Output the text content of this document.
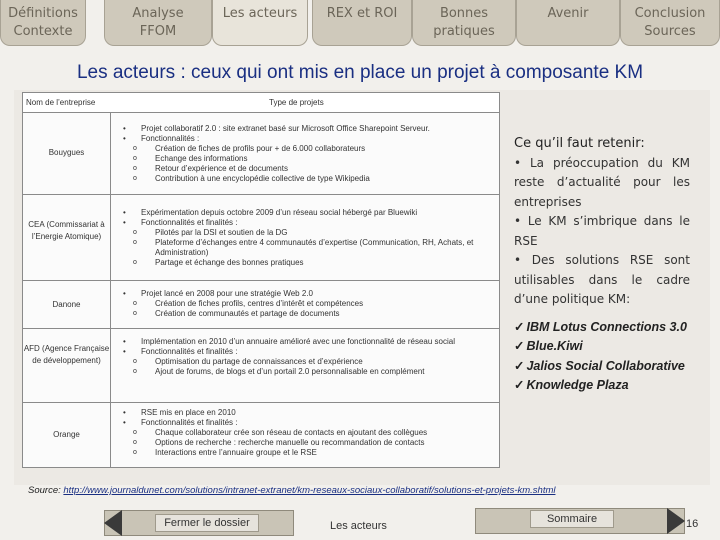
Définitions
Contexte
Analyse
FFOM
Les acteurs	REX et ROI	Bonnes
pratiques
Avenir	Conclusion
Sources
Les acteurs : ceux qui ont mis en place un projet à composante KM
Nom de l’entreprise	Type de projets
Bouygues
• Projet collaboratif 2.0 : site extranet basé sur Microsoft Office Sharepoint Serveur.
• Fonctionnalités :
o Création de fiches de profils pour + de 6.000 collaborateurs
o Echange des informations
o Retour d’expérience et de documents
o Contribution à une encyclopédie collective de type Wikipedia
CEA (Commissariat à l’Energie Atomique)
• Expérimentation depuis octobre 2009 d’un réseau social hébergé par Bluewiki
• Fonctionnalités et finalités :
o Pilotés par la DSI et soutien de la DG
o Plateforme d’échanges entre 4 communautés d’expertise (Communication, RH, Achats, et Administration)
o Partage et échange des bonnes pratiques
Danone
• Projet lancé en 2008 pour une stratégie Web 2.0
o Création de fiches profils, centres d’intérêt et compétences
o Création de communautés et partage de documents
AFD (Agence Française de développement)
• Implémentation en 2010 d’un annuaire amélioré avec une fonctionnalité de réseau social
• Fonctionnalités et finalités :
o Optimisation du partage de connaissances et d’expérience
o Ajout de forums, de blogs et d’un portail 2.0 personnalisable en complément
Orange
• RSE mis en place en 2010
• Fonctionnalités et finalités :
o Chaque collaborateur crée son réseau de contacts en ajoutant des collègues
o Options de recherche : recherche manuelle ou recommandation de contacts
o Interactions entre l’annuaire groupe et le RSE
Ce qu’il faut retenir:
• La préoccupation du KM reste d’actualité pour les entreprises
• Le KM s’imbrique dans le RSE
• Des solutions RSE sont utilisables dans le cadre d’une politique KM:
✓ IBM Lotus Connections 3.0
✓ Blue.Kiwi
✓ Jalios Social Collaborative
✓ Knowledge Plaza
Source: http://www.journaldunet.com/solutions/intranet-extranet/km-reseaux-sociaux-collaboratif/solutions-et-projets-km.shtml
Fermer le dossier	Les acteurs
Sommaire	16
